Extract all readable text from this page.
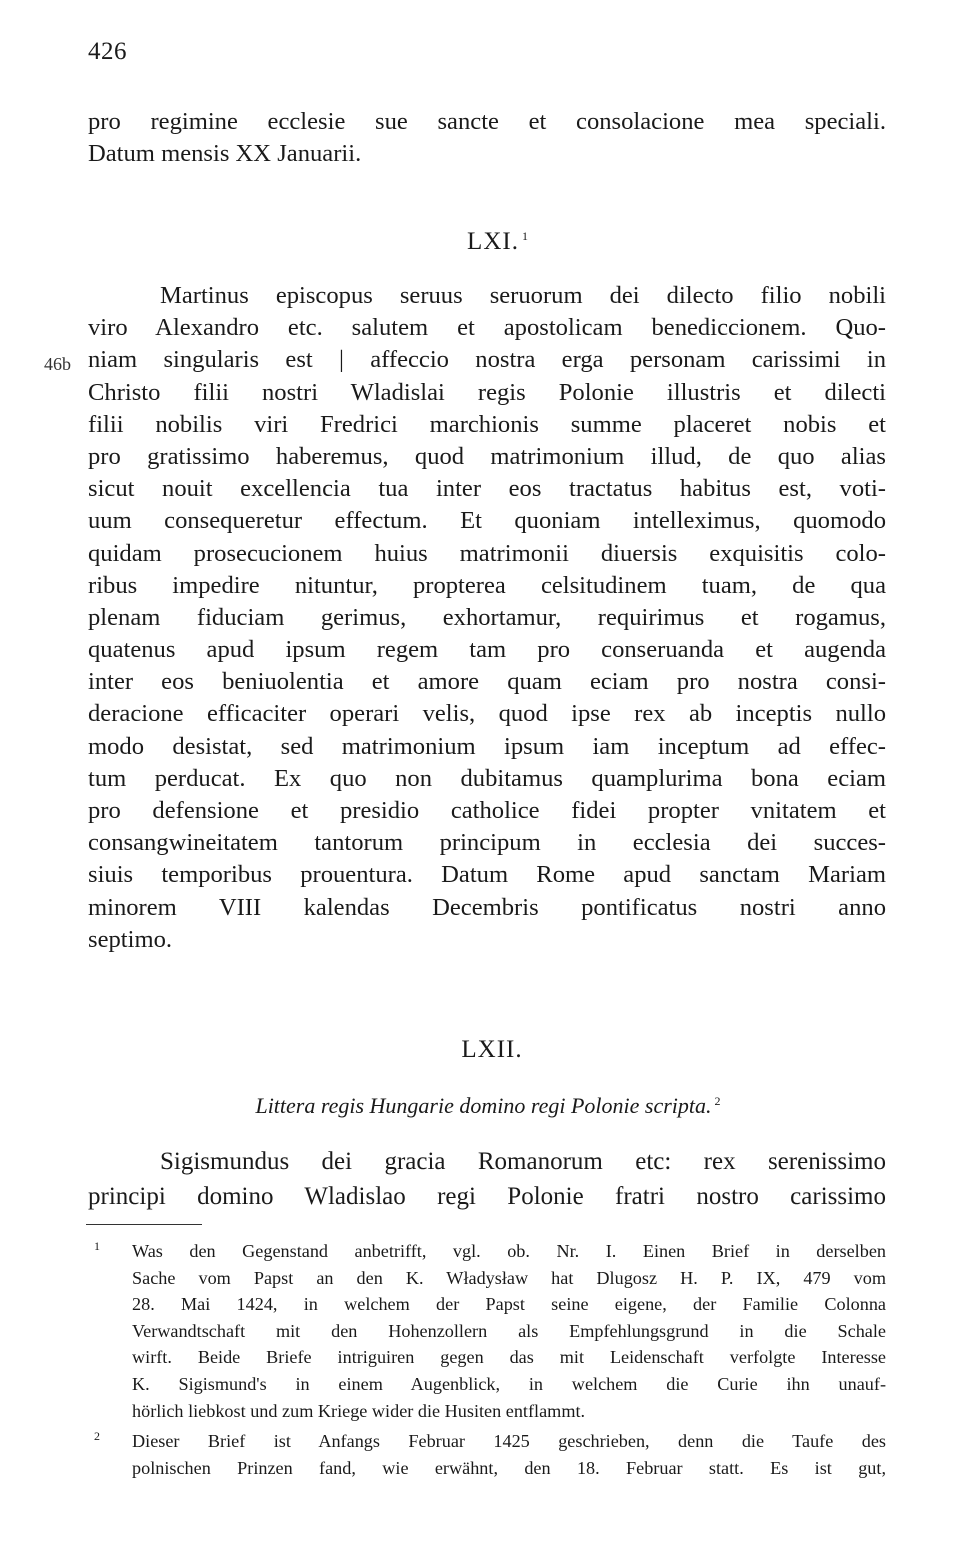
426
pro regimine ecclesie sue sancte et consolacione mea speciali.
Datum mensis XX Januarii.
LXI. $^1$
46b
Martinus episcopus seruus seruorum dei dilecto filio nobili
viro Alexandro etc. salutem et apostolicam benediccionem. Quo-
niam singularis est | affeccio nostra erga personam carissimi in
Christo filii nostri Wladislai regis Polonie illustris et dilecti
filii nobilis viri Fredrici marchionis summe placeret nobis et
pro gratissimo haberemus, quod matrimonium illud, de quo alias
sicut nouit excellencia tua inter eos tractatus habitus est, voti-
uum consequeretur effectum. Et quoniam intelleximus, quomodo
quidam prosecucionem huius matrimonii diuersis exquisitis colo-
ribus impedire nituntur, propterea celsitudinem tuam, de qua
plenam fiduciam gerimus, exhortamur, requirimus et rogamus,
quatenus apud ipsum regem tam pro conseruanda et augenda
inter eos beniuolentia et amore quam eciam pro nostra consi-
deracione efficaciter operari velis, quod ipse rex ab inceptis nullo
modo desistat, sed matrimonium ipsum iam inceptum ad effec-
tum perducat. Ex quo non dubitamus quamplurima bona eciam
pro defensione et presidio catholice fidei propter vnitatem et
consangwineitatem tantorum principum in ecclesia dei succes-
siuis temporibus prouentura. Datum Rome apud sanctam Mariam
minorem VIII kalendas Decembris pontificatus nostri anno
septimo.
LXII.
Littera regis Hungarie domino regi Polonie scripta. $^2$
Sigismundus dei gracia Romanorum etc: rex serenissimo
principi domino Wladislao regi Polonie fratri nostro carissimo
1 Was den Gegenstand anbetrifft, vgl. ob. Nr. I. Einen Brief in derselben
Sache vom Papst an den K. Władysław hat Dlugosz H. P. IX, 479 vom
28. Mai 1424, in welchem der Papst seine eigene, der Familie Colonna
Verwandtschaft mit den Hohenzollern als Empfehlungsgrund in die Schale
wirft. Beide Briefe intriguiren gegen das mit Leidenschaft verfolgte Interesse
K. Sigismund's in einem Augenblick, in welchem die Curie ihn unauf-
hörlich liebkost und zum Kriege wider die Husiten entflammt.
2 Dieser Brief ist Anfangs Februar 1425 geschrieben, denn die Taufe des
polnischen Prinzen fand, wie erwähnt, den 18. Februar statt. Es ist gut,
